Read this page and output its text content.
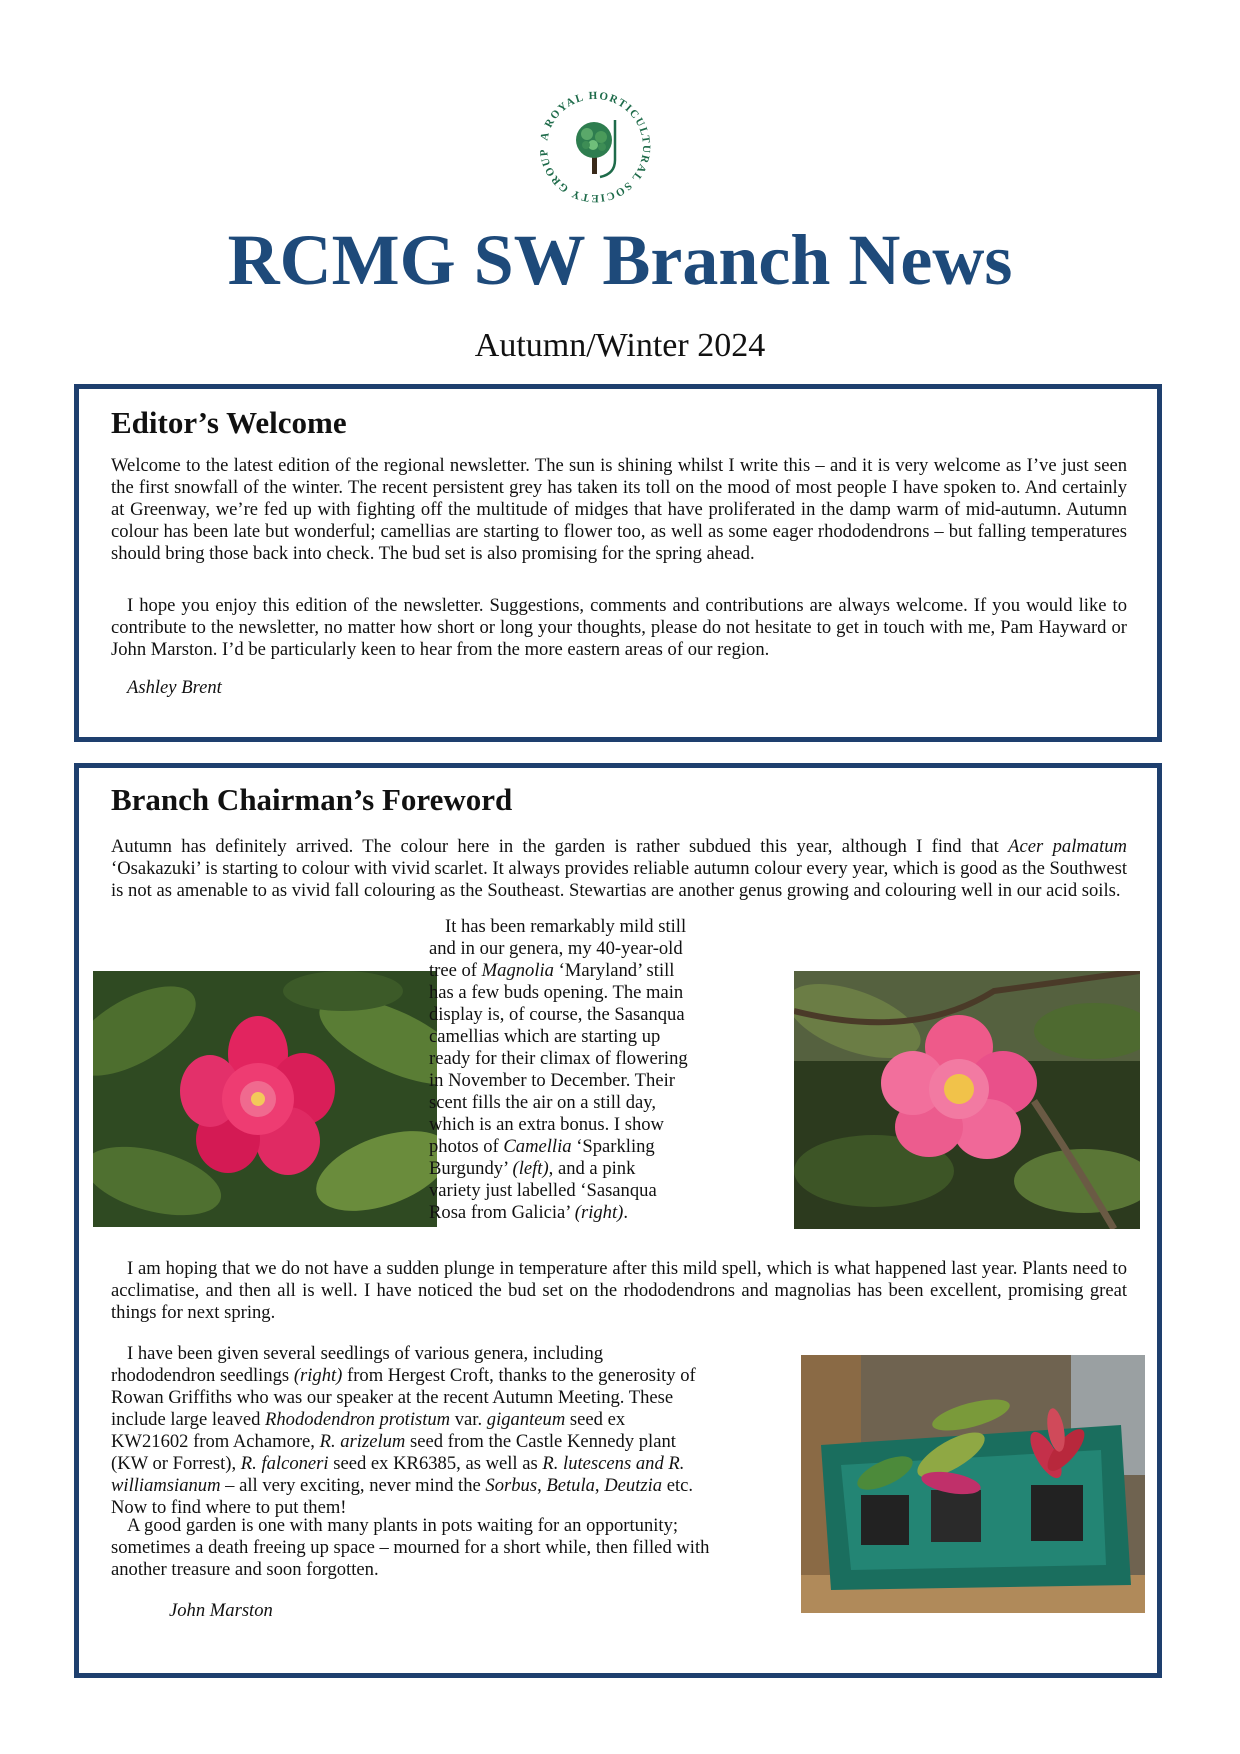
A ROYAL HORTICULTURAL SOCIETY GROUP
RCMG SW Branch News

Autumn/Winter 2024

Editor’s Welcome

Welcome to the latest edition of the regional newsletter. The sun is shining whilst I write this – and it is very welcome as I’ve just seen the first snowfall of the winter. The recent persistent grey has taken its toll on the mood of most people I have spoken to. And certainly at Greenway, we’re fed up with fighting off the multitude of midges that have proliferated in the damp warm of mid-autumn. Autumn colour has been late but wonderful; camellias are starting to flower too, as well as some eager rhododendrons – but falling temperatures should bring those back into check. The bud set is also promising for the spring ahead.

I hope you enjoy this edition of the newsletter. Suggestions, comments and contributions are always welcome. If you would like to contribute to the newsletter, no matter how short or long your thoughts, please do not hesitate to get in touch with me, Pam Hayward or John Marston. I’d be particularly keen to hear from the more eastern areas of our region.

Ashley Brent

Branch Chairman’s Foreword

Autumn has definitely arrived. The colour here in the garden is rather subdued this year, although I find that Acer palmatum ‘Osakazuki’ is starting to colour with vivid scarlet. It always provides reliable autumn colour every year, which is good as the Southwest is not as amenable to as vivid fall colouring as the Southeast. Stewartias are another genus growing and colouring well in our acid soils.

It has been remarkably mild still and in our genera, my 40-year-old tree of Magnolia ‘Maryland’ still has a few buds opening. The main display is, of course, the Sasanqua camellias which are starting up ready for their climax of flowering in November to December. Their scent fills the air on a still day, which is an extra bonus. I show photos of Camellia ‘Sparkling Burgundy’ (left), and a pink variety just labelled ‘Sasanqua Rosa from Galicia’ (right).

I am hoping that we do not have a sudden plunge in temperature after this mild spell, which is what happened last year. Plants need to acclimatise, and then all is well. I have noticed the bud set on the rhododendrons and magnolias has been excellent, promising great things for next spring.

I have been given several seedlings of various genera, including rhododendron seedlings (right) from Hergest Croft, thanks to the generosity of Rowan Griffiths who was our speaker at the recent Autumn Meeting. These include large leaved Rhododendron protistum var. giganteum seed ex KW21602 from Achamore, R. arizelum seed from the Castle Kennedy plant (KW or Forrest), R. falconeri seed ex KR6385, as well as R. lutescens and R. williamsianum – all very exciting, never mind the Sorbus, Betula, Deutzia etc. Now to find where to put them!

A good garden is one with many plants in pots waiting for an opportunity; sometimes a death freeing up space – mourned for a short while, then filled with another treasure and soon forgotten.

John Marston
